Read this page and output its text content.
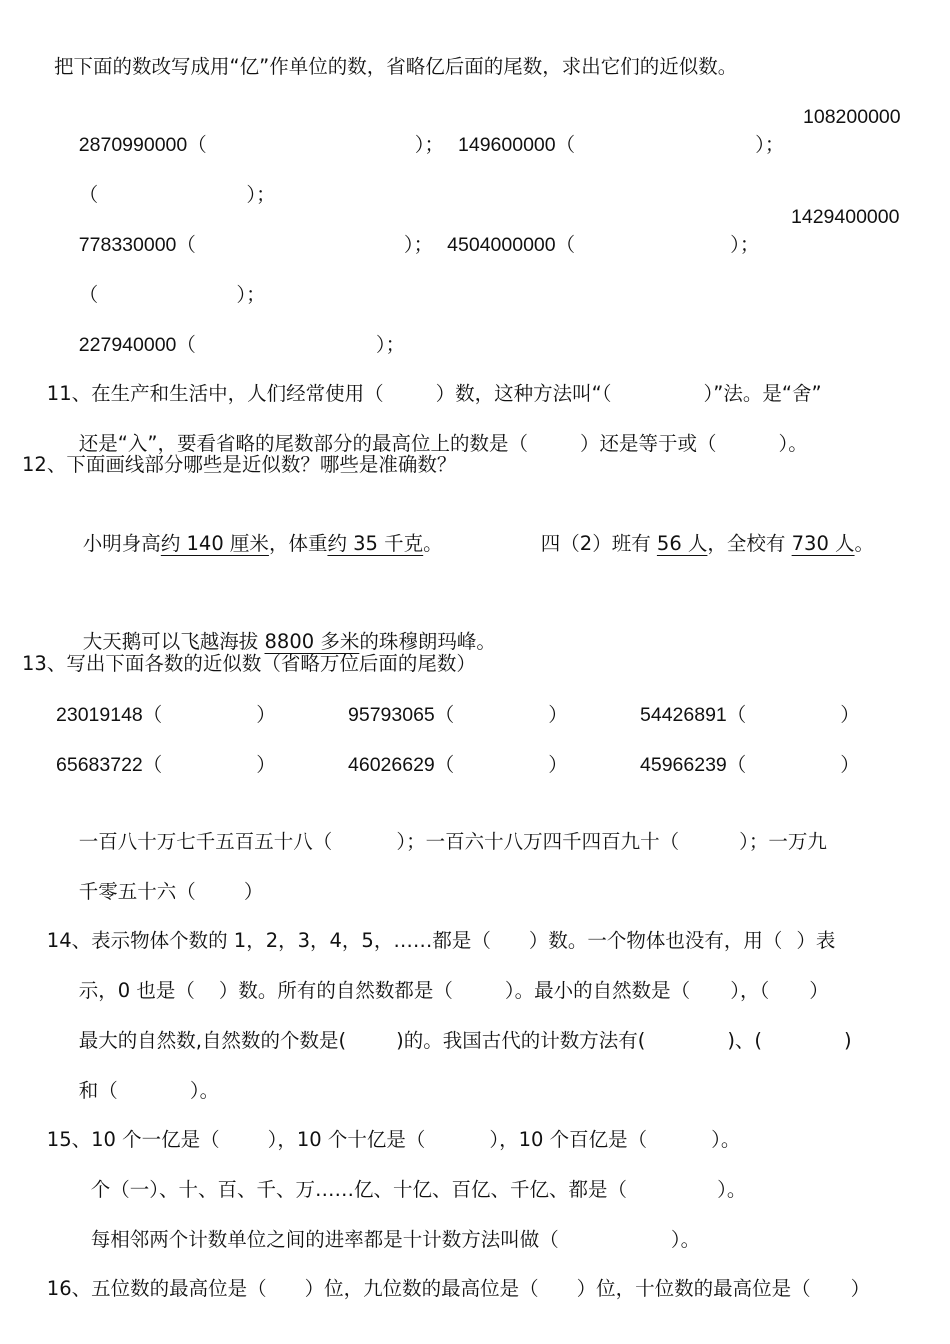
把下面的数改写成用“亿”作单位的数，省略亿后面的尾数，求出它们的近似数。

2870990000（	）； 149600000（	）；

108200000

（	）；

778330000（	）； 4504000000（	）；

1429400000

（	）；

227940000（	）；

11、在生产和生活中，人们经常使用（	）数，这种方法叫“（	）”法。是“舍”

还是“入”，要看省略的尾数部分的最高位上的数是（	）还是等于或（	）。

12、下面画线部分哪些是近似数？哪些是准确数？

小明身高约 140 厘米，体重约 35 千克。
	四（2）班有 56 人，全校有 730 人。

大天鹅可以飞越海拔 8800 多米的珠穆朗玛峰。

13、写出下面各数的近似数（省略万位后面的尾数）
23019148（	）	95793065（	）	54426891（	）
65683722（	）	46026629（	）	45966239（	）

一百八十万七千五百五十八（	）；一百六十八万四千四百九十（	）；一万九

千零五十六（ ）

14、表示物体个数的 1，2，3，4，5，……都是（ ）数。一个物体也没有，用（ ）表

示，0 也是（ ）数。所有的自然数都是（	）。最小的自然数是（ ），（ ）

最大的自然数,自然数的个数是(	)的。我国古代的计数方法有(	)、(	)

和（	）。

15、10 个一亿是（ ），10 个十亿是（	），10 个百亿是（	）。

个（一）、十、百、千、万……亿、十亿、百亿、千亿、都是（	）。

每相邻两个计数单位之间的进率都是十计数方法叫做（	）。

16、五位数的最高位是（ ）位，九位数的最高位是（ ）位，十位数的最高位是（ ）
